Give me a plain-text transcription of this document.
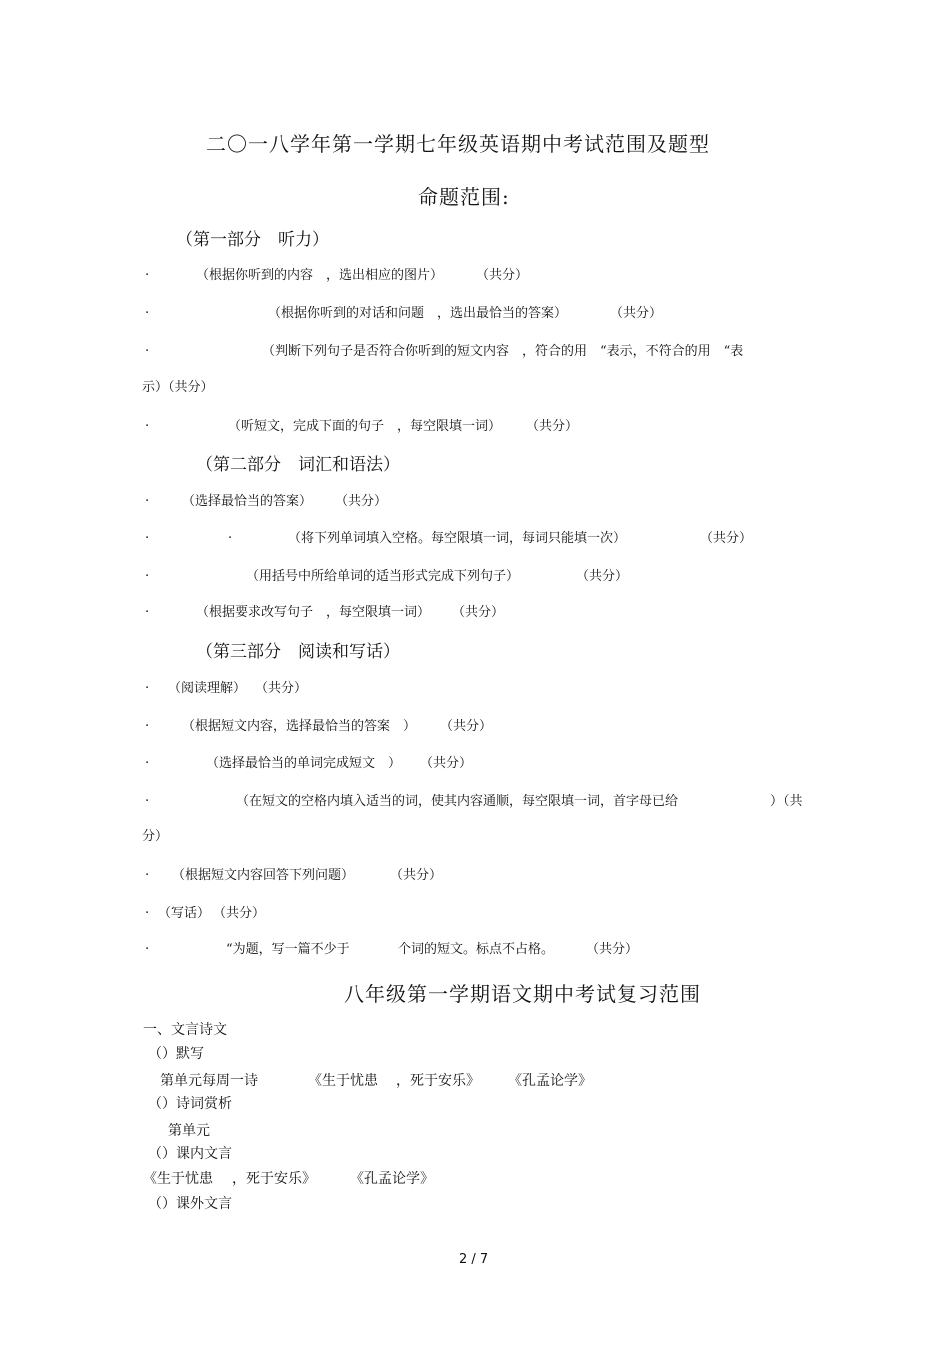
二〇一八学年第一学期七年级英语期中考试范围及题型
命题范围:
（第一部分　听力）
.	（根据你听到的内容　，选出相应的图片）	（共分）
.	（根据你听到的对话和问题　，选出最恰当的答案）	（共分）
.	（判断下列句子是否符合你听到的短文内容　，符合的用　“表示，不符合的用　“表
示）（共分）
.	（听短文，完成下面的句子　，每空限填一词） （共分）
（第二部分　词汇和语法）
.	（选择最恰当的答案） （共分）
.	.	（将下列单词填入空格。每空限填一词，每词只能填一次）	（共分）
.	（用括号中所给单词的适当形式完成下列句子）	（共分）
.	（根据要求改写句子　，每空限填一词） （共分）
（第三部分　阅读和写话）
. （阅读理解） （共分）
.	（根据短文内容，选择最恰当的答案　） （共分）
.	（选择最恰当的单词完成短文　） （共分）
.	（在短文的空格内填入适当的词，使其内容通顺，每空限填一词，首字母已给	）（共
分）
. （根据短文内容回答下列问题）	（共分）
. （写话） （共分）
.	“为题，写一篇不少于	个词的短文。标点不占格。 （共分）
八年级第一学期语文期中考试复习范围
一、文言诗文
（）默写
第单元每周一诗	《生于忧患 ，死于安乐》 《孔孟论学》
（）诗词赏析
第单元
（）课内文言
《生于忧患 ，死于安乐》 《孔孟论学》
（）课外文言
2 / 7
